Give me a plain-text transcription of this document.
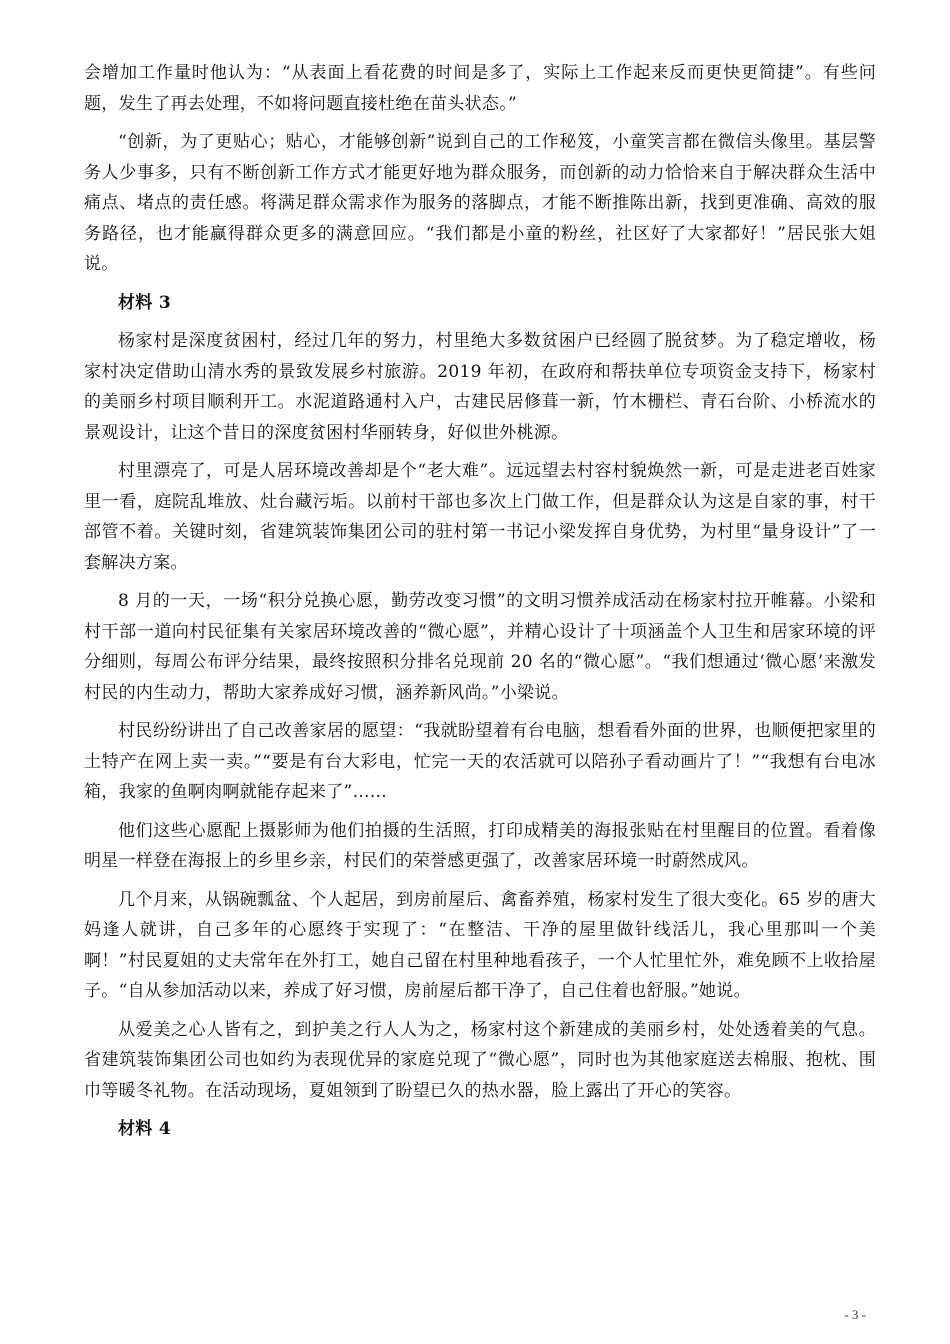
会增加工作量时他认为：“从表面上看花费的时间是多了，实际上工作起来反而更快更简捷”。有些问题，发生了再去处理，不如将问题直接杜绝在苗头状态。”

“创新，为了更贴心；贴心，才能够创新”说到自己的工作秘笈，小童笑言都在微信头像里。基层警务人少事多，只有不断创新工作方式才能更好地为群众服务，而创新的动力恰恰来自于解决群众生活中痛点、堵点的责任感。将满足群众需求作为服务的落脚点，才能不断推陈出新，找到更准确、高效的服务路径，也才能赢得群众更多的满意回应。“我们都是小童的粉丝，社区好了大家都好！”居民张大姐说。

材料 3

杨家村是深度贫困村，经过几年的努力，村里绝大多数贫困户已经圆了脱贫梦。为了稳定增收，杨家村决定借助山清水秀的景致发展乡村旅游。2019 年初，在政府和帮扶单位专项资金支持下，杨家村的美丽乡村项目顺利开工。水泥道路通村入户，古建民居修葺一新，竹木栅栏、青石台阶、小桥流水的景观设计，让这个昔日的深度贫困村华丽转身，好似世外桃源。

村里漂亮了，可是人居环境改善却是个“老大难”。远远望去村容村貌焕然一新，可是走进老百姓家里一看，庭院乱堆放、灶台藏污垢。以前村干部也多次上门做工作，但是群众认为这是自家的事，村干部管不着。关键时刻，省建筑装饰集团公司的驻村第一书记小梁发挥自身优势，为村里“量身设计”了一套解决方案。

8 月的一天，一场“积分兑换心愿，勤劳改变习惯”的文明习惯养成活动在杨家村拉开帷幕。小梁和村干部一道向村民征集有关家居环境改善的“微心愿”，并精心设计了十项涵盖个人卫生和居家环境的评分细则，每周公布评分结果，最终按照积分排名兑现前 20 名的“微心愿”。“我们想通过‘微心愿’来激发村民的内生动力，帮助大家养成好习惯，涵养新风尚。”小梁说。

村民纷纷讲出了自己改善家居的愿望：“我就盼望着有台电脑，想看看外面的世界，也顺便把家里的土特产在网上卖一卖。”“要是有台大彩电，忙完一天的农活就可以陪孙子看动画片了！”“我想有台电冰箱，我家的鱼啊肉啊就能存起来了”……

他们这些心愿配上摄影师为他们拍摄的生活照，打印成精美的海报张贴在村里醒目的位置。看着像明星一样登在海报上的乡里乡亲，村民们的荣誉感更强了，改善家居环境一时蔚然成风。

几个月来，从锅碗瓢盆、个人起居，到房前屋后、禽畜养殖，杨家村发生了很大变化。65 岁的唐大妈逢人就讲，自己多年的心愿终于实现了：“在整洁、干净的屋里做针线活儿，我心里那叫一个美啊！”村民夏姐的丈夫常年在外打工，她自己留在村里种地看孩子，一个人忙里忙外，难免顾不上收拾屋子。“自从参加活动以来，养成了好习惯，房前屋后都干净了，自己住着也舒服。”她说。

从爱美之心人皆有之，到护美之行人人为之，杨家村这个新建成的美丽乡村，处处透着美的气息。省建筑装饰集团公司也如约为表现优异的家庭兑现了“微心愿”，同时也为其他家庭送去棉服、抱枕、围巾等暖冬礼物。在活动现场，夏姐领到了盼望已久的热水器，脸上露出了开心的笑容。

材料 4
- 3 -
